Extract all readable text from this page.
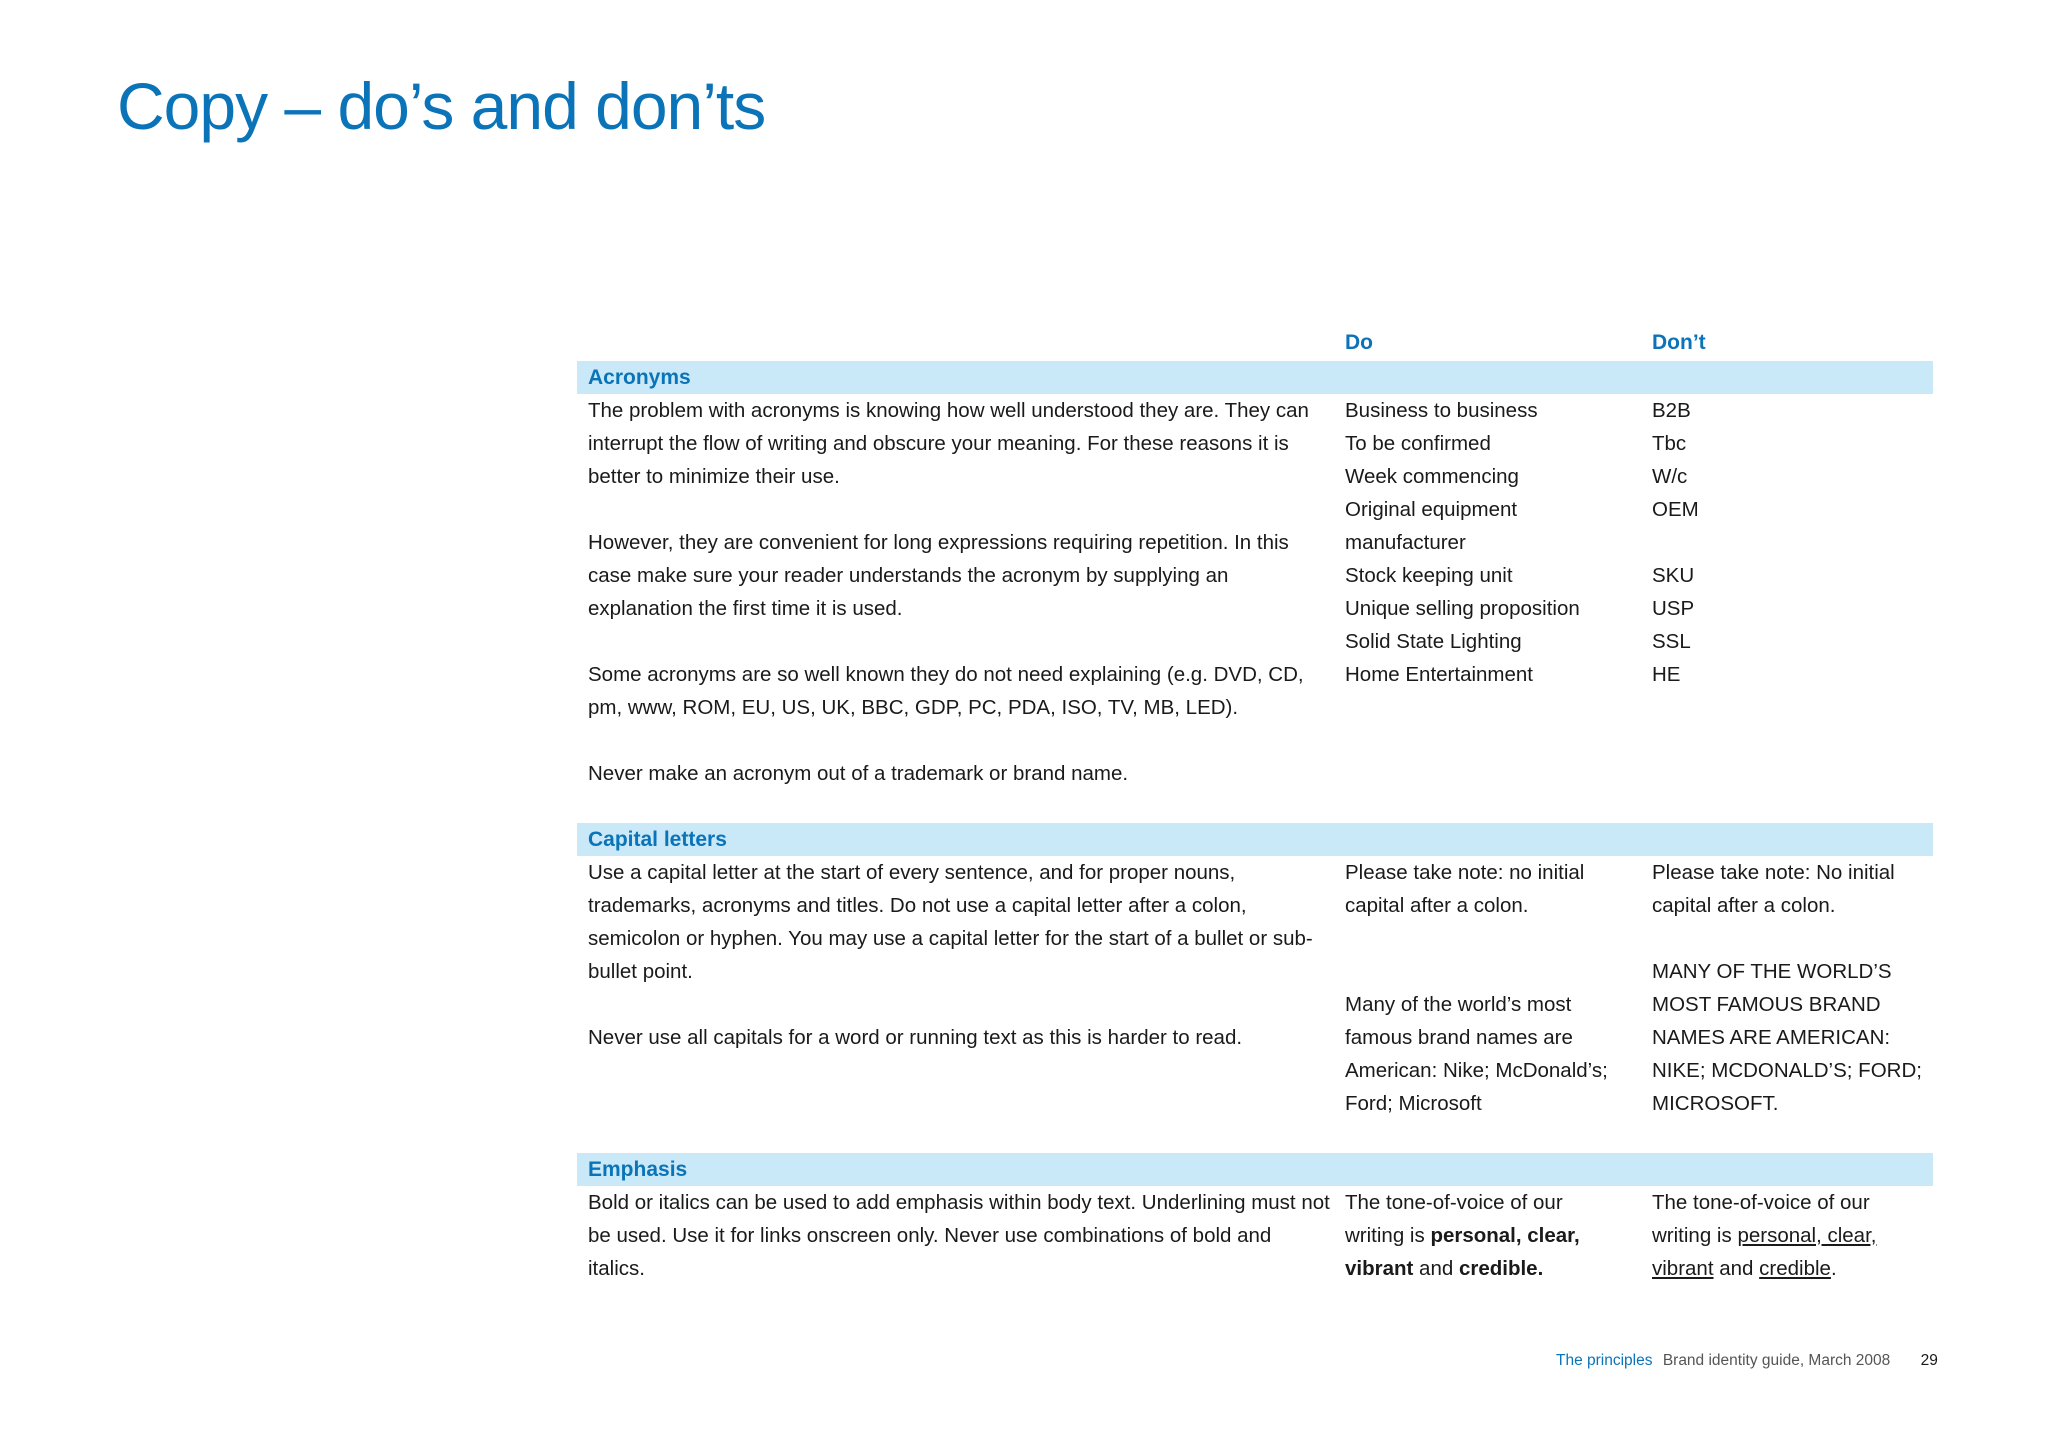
Copy – do’s and don’ts
Do	Don’t
Acronyms

The problem with acronyms is knowing how well understood they are. They can interrupt the flow of writing and obscure your meaning. For these reasons it is better to minimize their use.

However, they are convenient for long expressions requiring repetition. In this case make sure your reader understands the acronym by supplying an explanation the first time it is used.

Some acronyms are so well known they do not need explaining (e.g. DVD, CD, pm, www, ROM, EU, US, UK, BBC, GDP, PC, PDA, ISO, TV, MB, LED).

Never make an acronym out of a trademark or brand name.

Business to business
To be confirmed
Week commencing
Original equipment
manufacturer
Stock keeping unit
Unique selling proposition
Solid State Lighting
Home Entertainment
B2B
Tbc
W/c
OEM
SKU
USP
SSL
HE
Capital letters

Use a capital letter at the start of every sentence, and for proper nouns, trademarks, acronyms and titles. Do not use a capital letter after a colon, semicolon or hyphen. You may use a capital letter for the start of a bullet or sub-bullet point.

Never use all capitals for a word or running text as this is harder to read.

Please take note: no initial
capital after a colon.
Many of the world’s most
famous brand names are
American: Nike; McDonald’s;
Ford; Microsoft
Please take note: No initial
capital after a colon.
MANY OF THE WORLD’S
MOST FAMOUS BRAND
NAMES ARE AMERICAN:
NIKE; MCDONALD’S; FORD;
MICROSOFT.
Emphasis

Bold or italics can be used to add emphasis within body text. Underlining must not be used. Use it for links onscreen only. Never use combinations of bold and italics.

The tone-of-voice of our
writing is personal, clear,
vibrant and credible.
The tone-of-voice of our
writing is personal, clear,
vibrant and credible.
The principles Brand identity guide, March 2008 29
